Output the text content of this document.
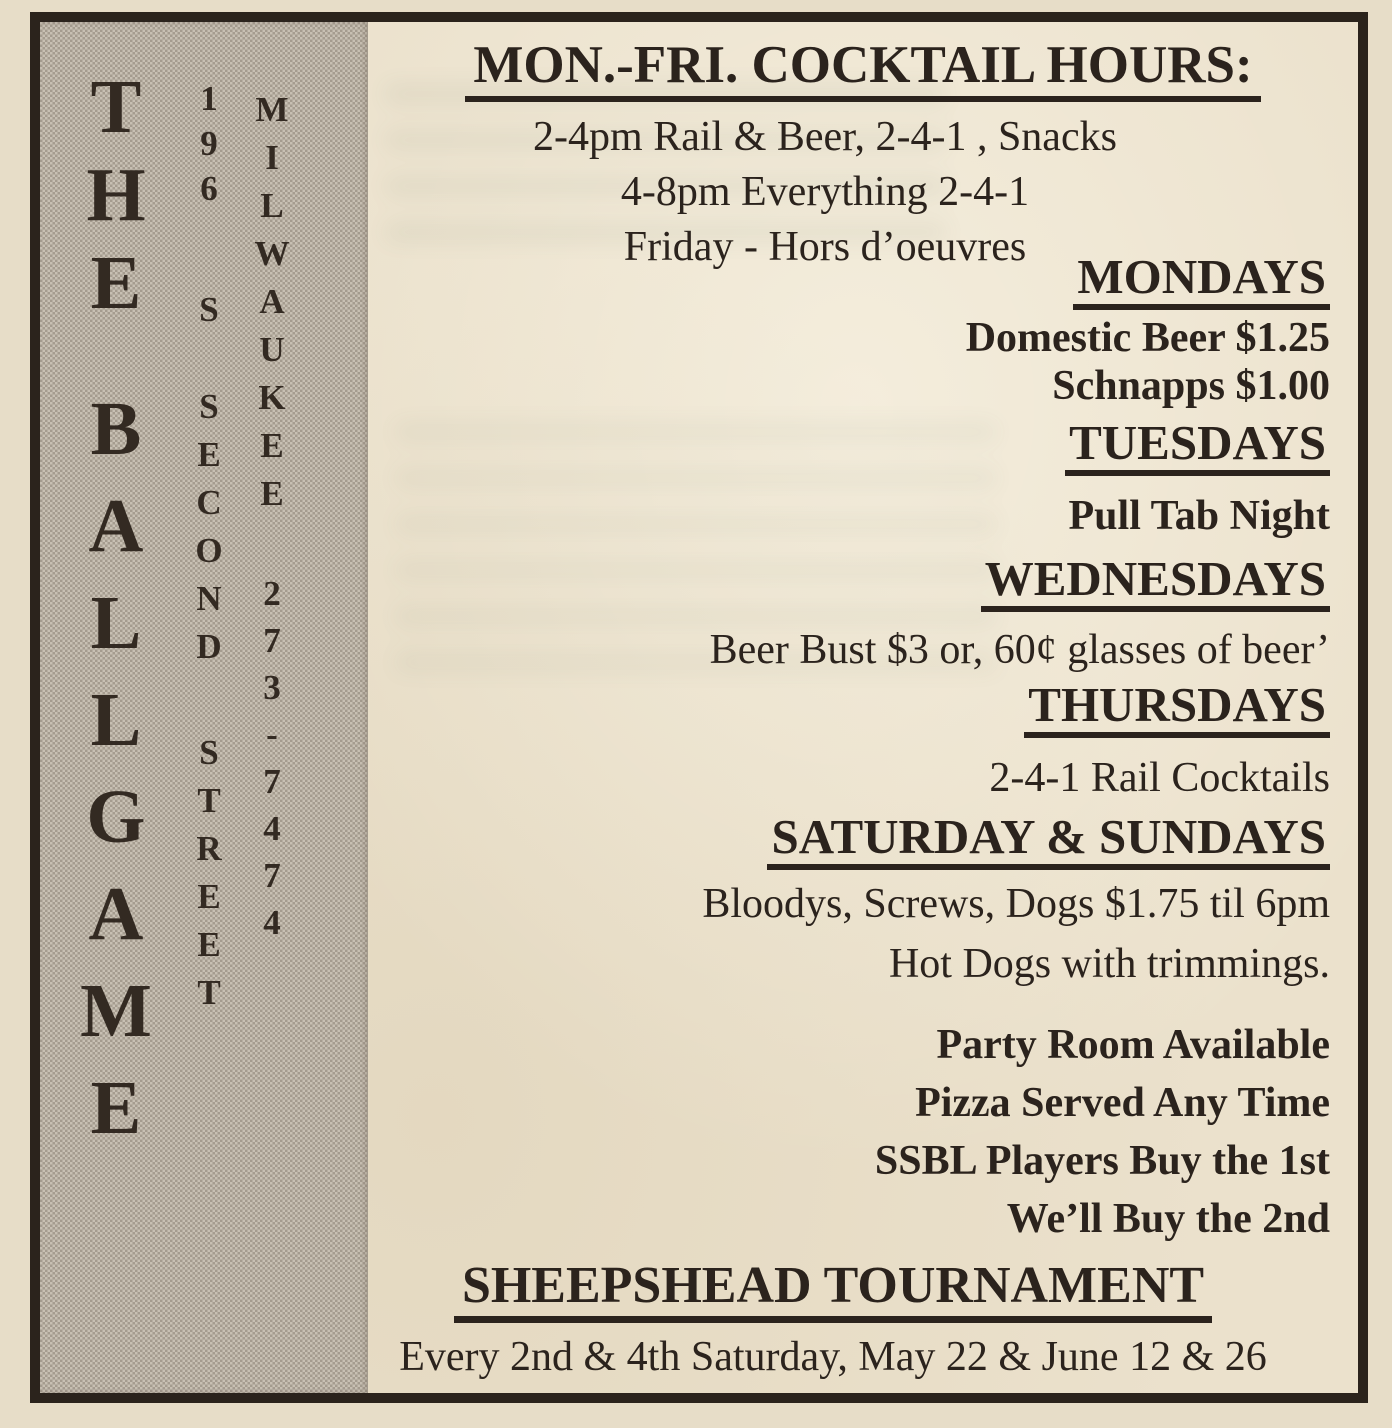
T
H
E
B
A
L
L
G
A
M
E
1
9
6
S
S
E
C
O
N
D
S
T
R
E
E
T
M
I
L
W
A
U
K
E
E
2
7
3
-
7
4
7
4
MON.-FRI. COCKTAIL HOURS:
2-4pm Rail & Beer, 2-4-1 , Snacks
4-8pm Everything 2-4-1
Friday - Hors d’oeuvres
MONDAYS
Domestic Beer $1.25
Schnapps $1.00
TUESDAYS
Pull Tab Night
WEDNESDAYS
Beer Bust $3 or, 60¢ glasses of beer’
THURSDAYS
2-4-1 Rail Cocktails
SATURDAY & SUNDAYS
Bloodys, Screws, Dogs $1.75 til 6pm
Hot Dogs with trimmings.
Party Room Available
Pizza Served Any Time
SSBL Players Buy the 1st
We’ll Buy the 2nd
SHEEPSHEAD TOURNAMENT
Every 2nd & 4th Saturday, May 22 & June 12 & 26
